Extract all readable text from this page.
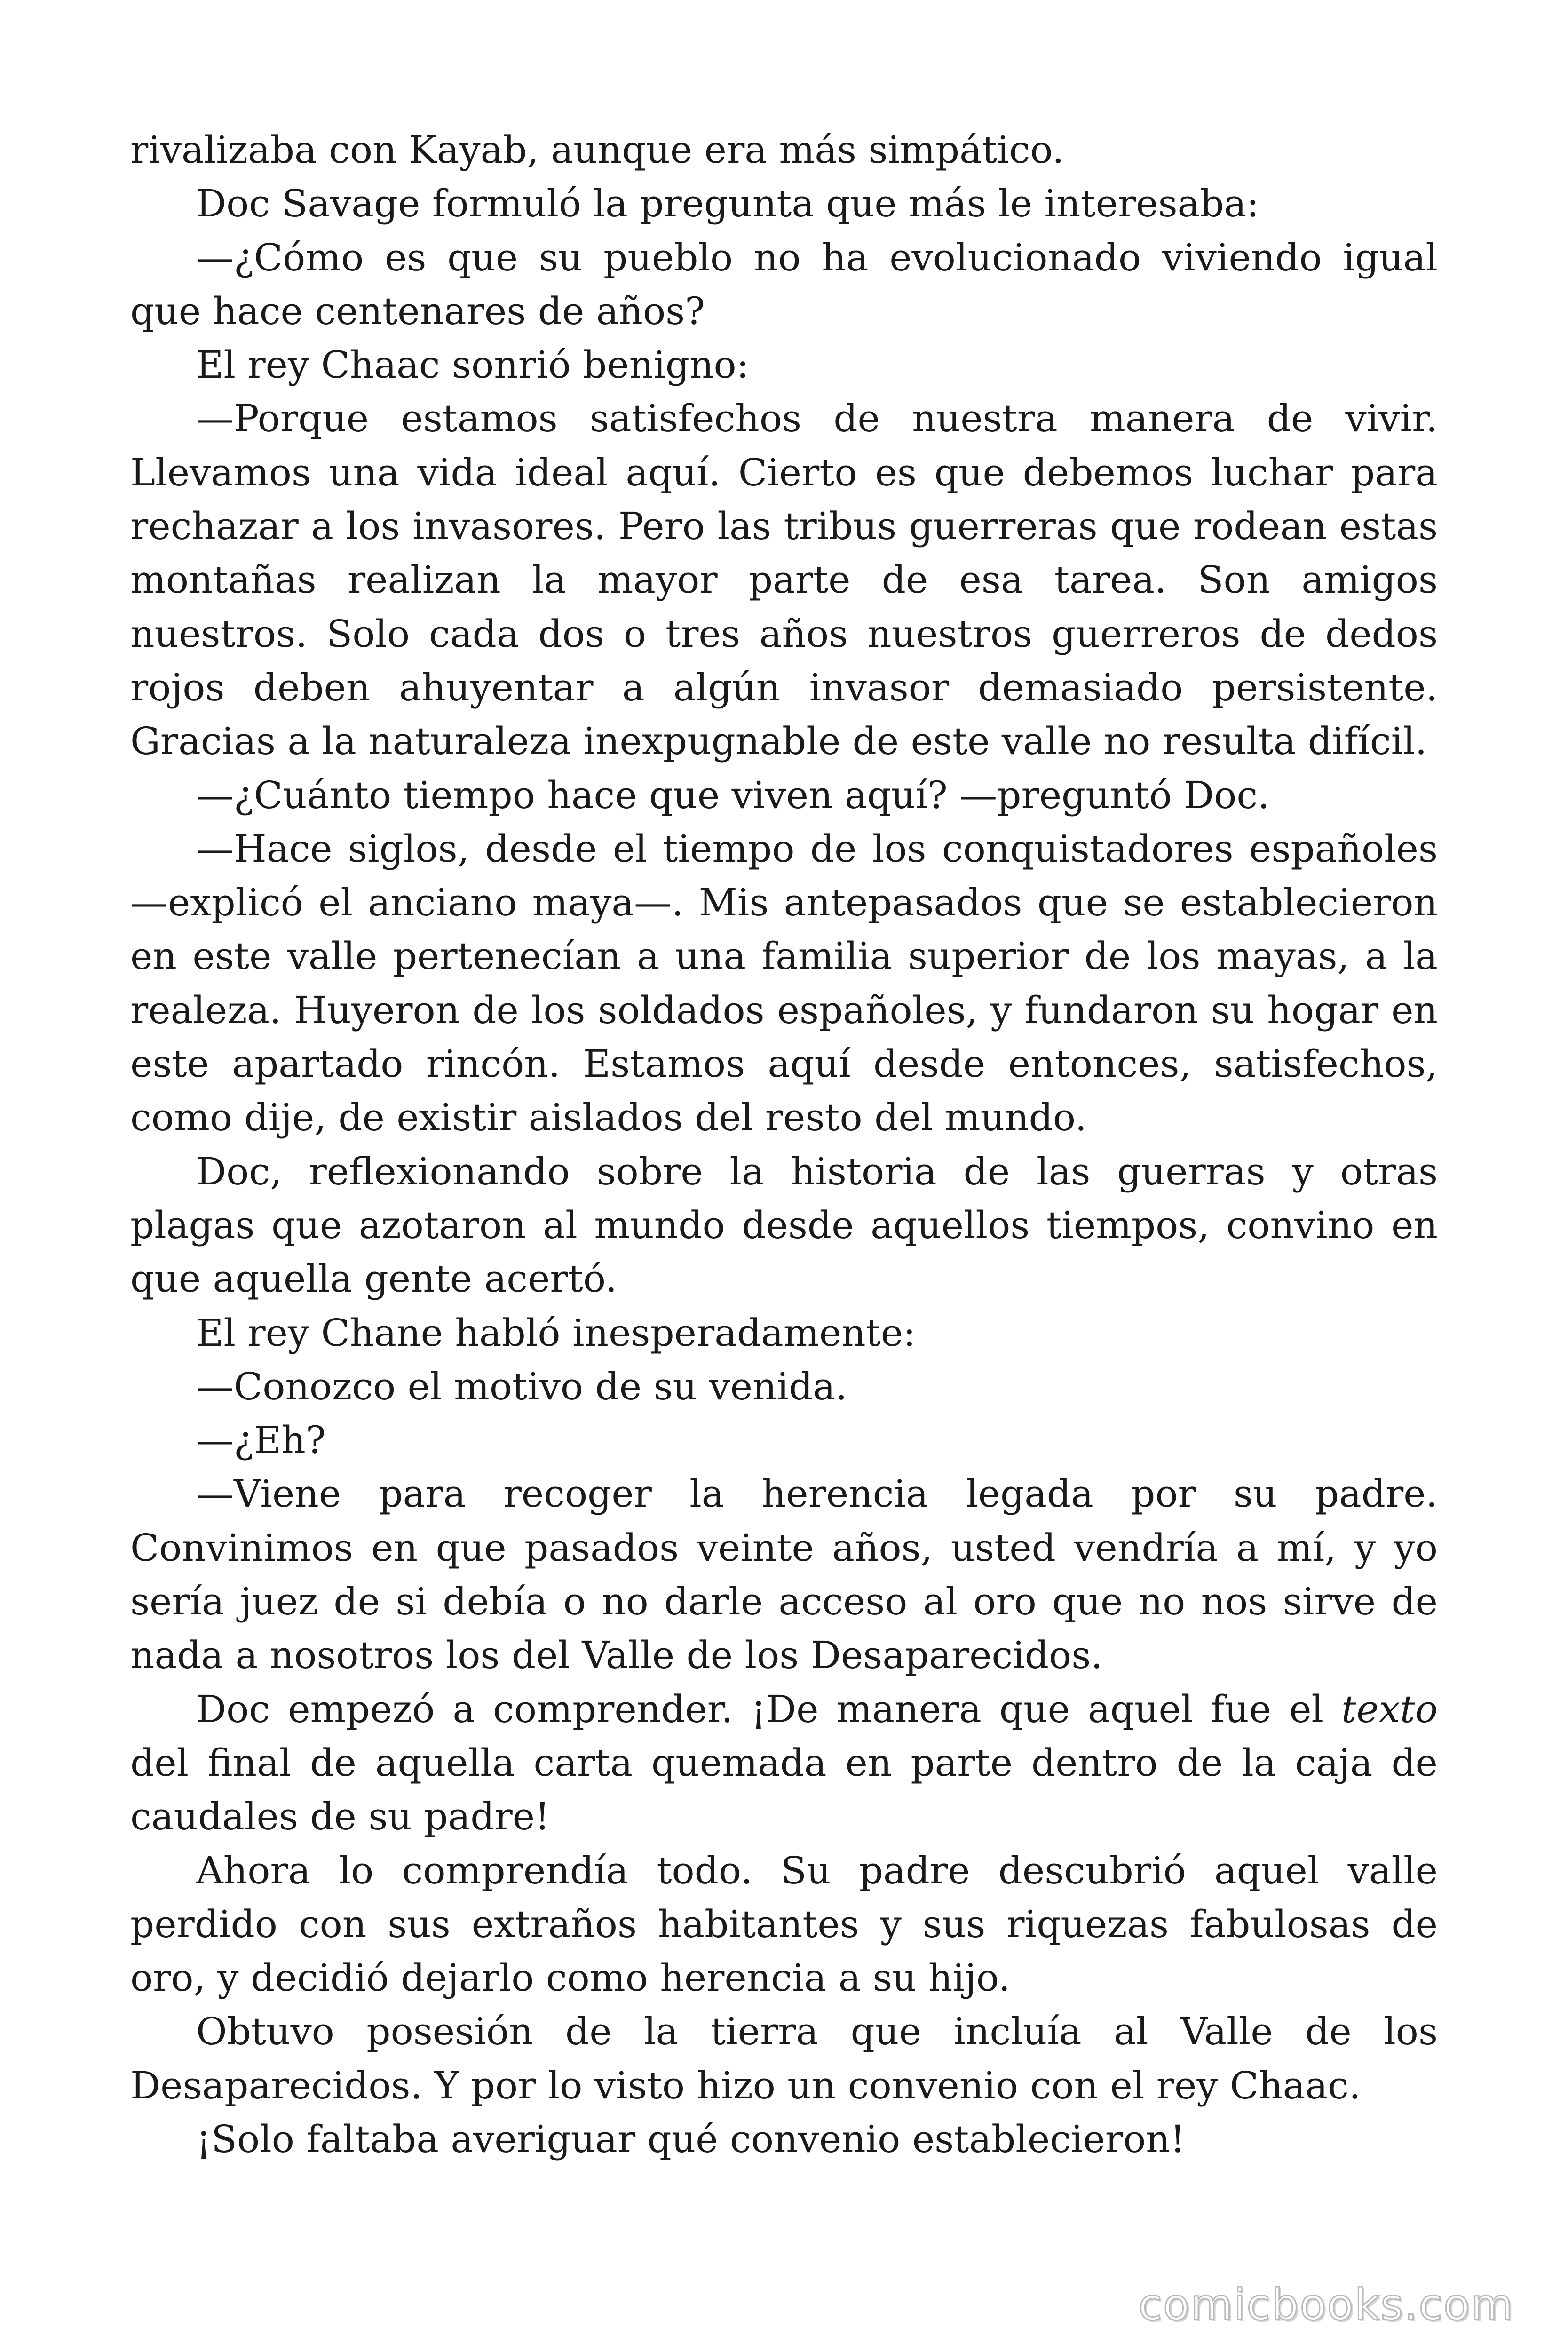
rivalizaba con Kayab, aunque era más simpático.

Doc Savage formuló la pregunta que más le interesaba:

—¿Cómo es que su pueblo no ha evolucionado viviendo igual que hace centenares de años?

El rey Chaac sonrió benigno:

—Porque estamos satisfechos de nuestra manera de vivir. Llevamos una vida ideal aquí. Cierto es que debemos luchar para rechazar a los invasores. Pero las tribus guerreras que rodean estas montañas realizan la mayor parte de esa tarea. Son amigos nuestros. Solo cada dos o tres años nuestros guerreros de dedos rojos deben ahuyentar a algún invasor demasiado persistente. Gracias a la naturaleza inexpugnable de este valle no resulta difícil.

—¿Cuánto tiempo hace que viven aquí? —preguntó Doc.

—Hace siglos, desde el tiempo de los conquistadores españoles —explicó el anciano maya—. Mis antepasados que se establecieron en este valle pertenecían a una familia superior de los mayas, a la realeza. Huyeron de los soldados españoles, y fundaron su hogar en este apartado rincón. Estamos aquí desde entonces, satisfechos, como dije, de existir aislados del resto del mundo.

Doc, reflexionando sobre la historia de las guerras y otras plagas que azotaron al mundo desde aquellos tiempos, convino en que aquella gente acertó.

El rey Chane habló inesperadamente:

—Conozco el motivo de su venida.

—¿Eh?

—Viene para recoger la herencia legada por su padre. Convinimos en que pasados veinte años, usted vendría a mí, y yo sería juez de si debía o no darle acceso al oro que no nos sirve de nada a nosotros los del Valle de los Desaparecidos.

Doc empezó a comprender. ¡De manera que aquel fue el texto del final de aquella carta quemada en parte dentro de la caja de caudales de su padre!

Ahora lo comprendía todo. Su padre descubrió aquel valle perdido con sus extraños habitantes y sus riquezas fabulosas de oro, y decidió dejarlo como herencia a su hijo.

Obtuvo posesión de la tierra que incluía al Valle de los Desaparecidos. Y por lo visto hizo un convenio con el rey Chaac.

¡Solo faltaba averiguar qué convenio establecieron!

comicbooks.com
